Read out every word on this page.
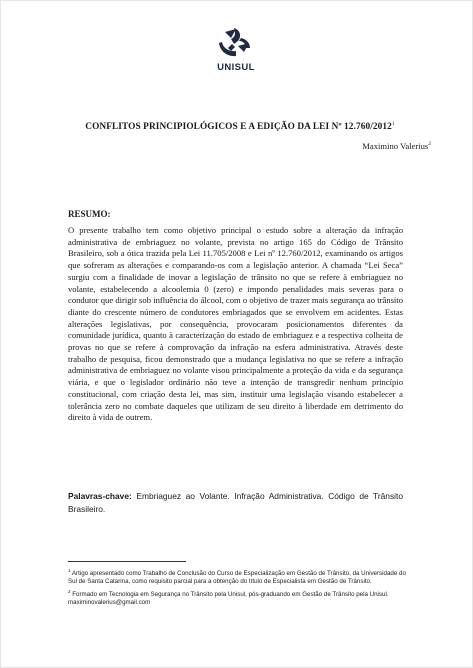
UNISUL
CONFLITOS PRINCIPIOLÓGICOS E A EDIÇÃO DA LEI Nº 12.760/2012$^1$
Maximino Valerius$^2$
RESUMO:

O presente trabalho tem como objetivo principal o estudo sobre a alteração da infração administrativa de embriaguez no volante, prevista no artigo 165 do Código de Trânsito Brasileiro, sob a ótica trazida pela Lei 11.705/2008 e Lei nº 12.760/2012, examinando os artigos que sofreram as alterações e comparando-os com a legislação anterior. A chamada “Lei Seca” surgiu com a finalidade de inovar a legislação de trânsito no que se refere à embriaguez no volante, estabelecendo a alcoolemia 0 (zero) e impondo penalidades mais severas para o condutor que dirigir sob influência do álcool, com o objetivo de trazer mais segurança ao trânsito diante do crescente número de condutores embriagados que se envolvem em acidentes. Estas alterações legislativas, por consequência, provocaram posicionamentos diferentes da comunidade jurídica, quanto à caracterização do estado de embriaguez e a respectiva colheita de provas no que se refere à comprovação da infração na esfera administrativa. Através deste trabalho de pesquisa, ficou demonstrado que a mudança legislativa no que se refere a infração administrativa de embriaguez no volante visou principalmente a proteção da vida e da segurança viária, e que o legislador ordinário não teve a intenção de transgredir nenhum princípio constitucional, com criação desta lei, mas sim, instituir uma legislação visando estabelecer a tolerância zero no combate daqueles que utilizam de seu direito à liberdade em detrimento do direito à vida de outrem.

Palavras-chave: Embriaguez ao Volante. Infração Administrativa. Código de Trânsito Brasileiro.

$^1$ Artigo apresentado como Trabalho de Conclusão do Curso de Especialização em Gestão de Trânsito, da Universidade do Sul de Santa Catarina, como requisito parcial para a obtenção do título de Especialista em Gestão de Trânsito.

$^2$ Formado em Tecnologia em Segurança no Trânsito pela Unisul, pós-graduando em Gestão de Trânsito pela Unisul. maximinovalerius@gmail.com
